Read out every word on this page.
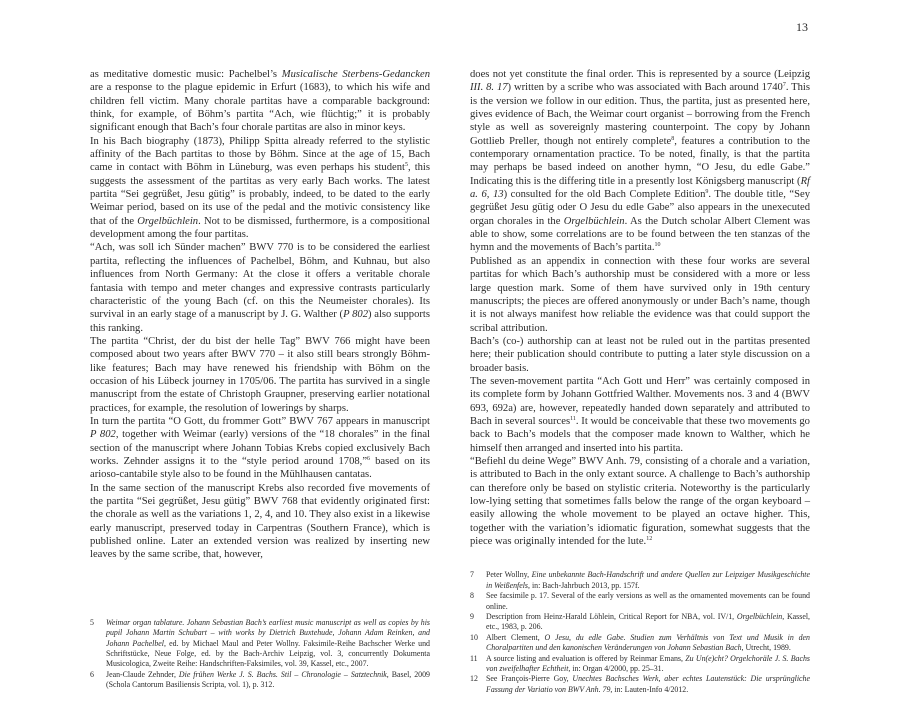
13

as meditative domestic music: Pachelbel’s Musicalische Sterbens-Gedancken are a response to the plague epidemic in Erfurt (1683), to which his wife and children fell victim. Many chorale partitas have a comparable background: think, for example, of Böhm’s partita “Ach, wie flüchtig;” it is probably significant enough that Bach’s four chorale partitas are also in minor keys.

In his Bach biography (1873), Philipp Spitta already referred to the stylistic affinity of the Bach partitas to those by Böhm. Since at the age of 15, Bach came in contact with Böhm in Lüneburg, was even perhaps his student$^5$, this suggests the assessment of the partitas as very early Bach works. The latest partita “Sei gegrüßet, Jesu gütig” is probably, indeed, to be dated to the early Weimar period, based on its use of the pedal and the motivic consistency like that of the Orgelbüchlein. Not to be dismissed, furthermore, is a compositional development among the four partitas.

“Ach, was soll ich Sünder machen” BWV 770 is to be considered the earliest partita, reflecting the influences of Pachelbel, Böhm, and Kuhnau, but also influences from North Germany: At the close it offers a veritable chorale fantasia with tempo and meter changes and expressive contrasts particularly characteristic of the young Bach (cf. on this the Neumeister chorales). Its survival in an early stage of a manuscript by J. G. Walther (P 802) also supports this ranking.

The partita “Christ, der du bist der helle Tag” BWV 766 might have been composed about two years after BWV 770 – it also still bears strongly Böhm-like features; Bach may have renewed his friendship with Böhm on the occasion of his Lübeck journey in 1705/06. The partita has survived in a single manuscript from the estate of Christoph Graupner, preserving earlier notational practices, for example, the resolution of lowerings by sharps.

In turn the partita “O Gott, du frommer Gott” BWV 767 appears in manuscript P 802, together with Weimar (early) versions of the “18 chorales” in the final section of the manuscript where Johann Tobias Krebs copied exclusively Bach works. Zehnder assigns it to the “style period around 1708,”$^6$ based on its arioso-cantabile style also to be found in the Mühlhausen cantatas.

In the same section of the manuscript Krebs also recorded five movements of the partita “Sei gegrüßet, Jesu gütig” BWV 768 that evidently originated first: the chorale as well as the variations 1, 2, 4, and 10. They also exist in a likewise early manuscript, preserved today in Carpentras (Southern France), which is published online. Later an extended version was realized by inserting new leaves by the same scribe, that, however,

5	Weimar organ tablature. Johann Sebastian Bach’s earliest music manuscript as well as copies by his pupil Johann Martin Schubart – with works by Dietrich Buxtehude, Johann Adam Reinken, and Johann Pachelbel, ed. by Michael Maul and Peter Wollny. Faksimile-Reihe Bachscher Werke und Schriftstücke, Neue Folge, ed. by the Bach-Archiv Leipzig, vol. 3, concurrently Dokumenta Musicologica, Zweite Reihe: Handschriften-Faksimiles, vol. 39, Kassel, etc., 2007.
6	Jean-Claude Zehnder, Die frühen Werke J. S. Bachs. Stil – Chronologie – Satztechnik, Basel, 2009 (Schola Cantorum Basiliensis Scripta, vol. 1), p. 312.

does not yet constitute the final order. This is represented by a source (Leipzig III. 8. 17) written by a scribe who was associated with Bach around 1740$^7$. This is the version we follow in our edition. Thus, the partita, just as presented here, gives evidence of Bach, the Weimar court organist – borrowing from the French style as well as sovereignly mastering counterpoint. The copy by Johann Gottlieb Preller, though not entirely complete$^8$, features a contribution to the contemporary ornamentation practice. To be noted, finally, is that the partita may perhaps be based indeed on another hymn, “O Jesu, du edle Gabe.” Indicating this is the differing title in a presently lost Königsberg manuscript (Rf a. 6, 13) consulted for the old Bach Complete Edition$^9$. The double title, “Sey gegrüßet Jesu gütig oder O Jesu du edle Gabe” also appears in the unexecuted organ chorales in the Orgelbüchlein. As the Dutch scholar Albert Clement was able to show, some correlations are to be found between the ten stanzas of the hymn and the movements of Bach’s partita.$^{10}$

Published as an appendix in connection with these four works are several partitas for which Bach’s authorship must be considered with a more or less large question mark. Some of them have survived only in 19th century manuscripts; the pieces are offered anonymously or under Bach’s name, though it is not always manifest how reliable the evidence was that could support the scribal attribution.

Bach’s (co-) authorship can at least not be ruled out in the partitas presented here; their publication should contribute to putting a later style discussion on a broader basis.

The seven-movement partita “Ach Gott und Herr” was certainly composed in its complete form by Johann Gottfried Walther. Movements nos. 3 and 4 (BWV 693, 692a) are, however, repeatedly handed down separately and attributed to Bach in several sources$^{11}$. It would be conceivable that these two movements go back to Bach’s models that the composer made known to Walther, which he himself then arranged and inserted into his partita.

“Befiehl du deine Wege” BWV Anh. 79, consisting of a chorale and a variation, is attributed to Bach in the only extant source. A challenge to Bach’s authorship can therefore only be based on stylistic criteria. Noteworthy is the particularly low-lying setting that sometimes falls below the range of the organ keyboard – easily allowing the whole movement to be played an octave higher. This, together with the variation’s idiomatic figuration, somewhat suggests that the piece was originally intended for the lute.$^{12}$

7	Peter Wollny, Eine unbekannte Bach-Handschrift und andere Quellen zur Leipziger Musikgeschichte in Weißenfels, in: Bach-Jahrbuch 2013, pp. 157f.
8	See facsimile p. 17. Several of the early versions as well as the ornamented movements can be found online.
9	Description from Heinz-Harald Löhlein, Critical Report for NBA, vol. IV/1, Orgelbüchlein, Kassel, etc., 1983, p. 206.
10	Albert Clement, O Jesu, du edle Gabe. Studien zum Verhältnis von Text und Musik in den Choralpartiten und den kanonischen Veränderungen von Johann Sebastian Bach, Utrecht, 1989.
11	A source listing and evaluation is offered by Reinmar Emans, Zu Un(e)cht? Orgelchoräle J. S. Bachs von zweifelhafter Echtheit, in: Organ 4/2000, pp. 25–31.
12	See François-Pierre Goy, Unechtes Bachsches Werk, aber echtes Lautenstück: Die ursprüngliche Fassung der Variatio von BWV Anh. 79, in: Lauten-Info 4/2012.
